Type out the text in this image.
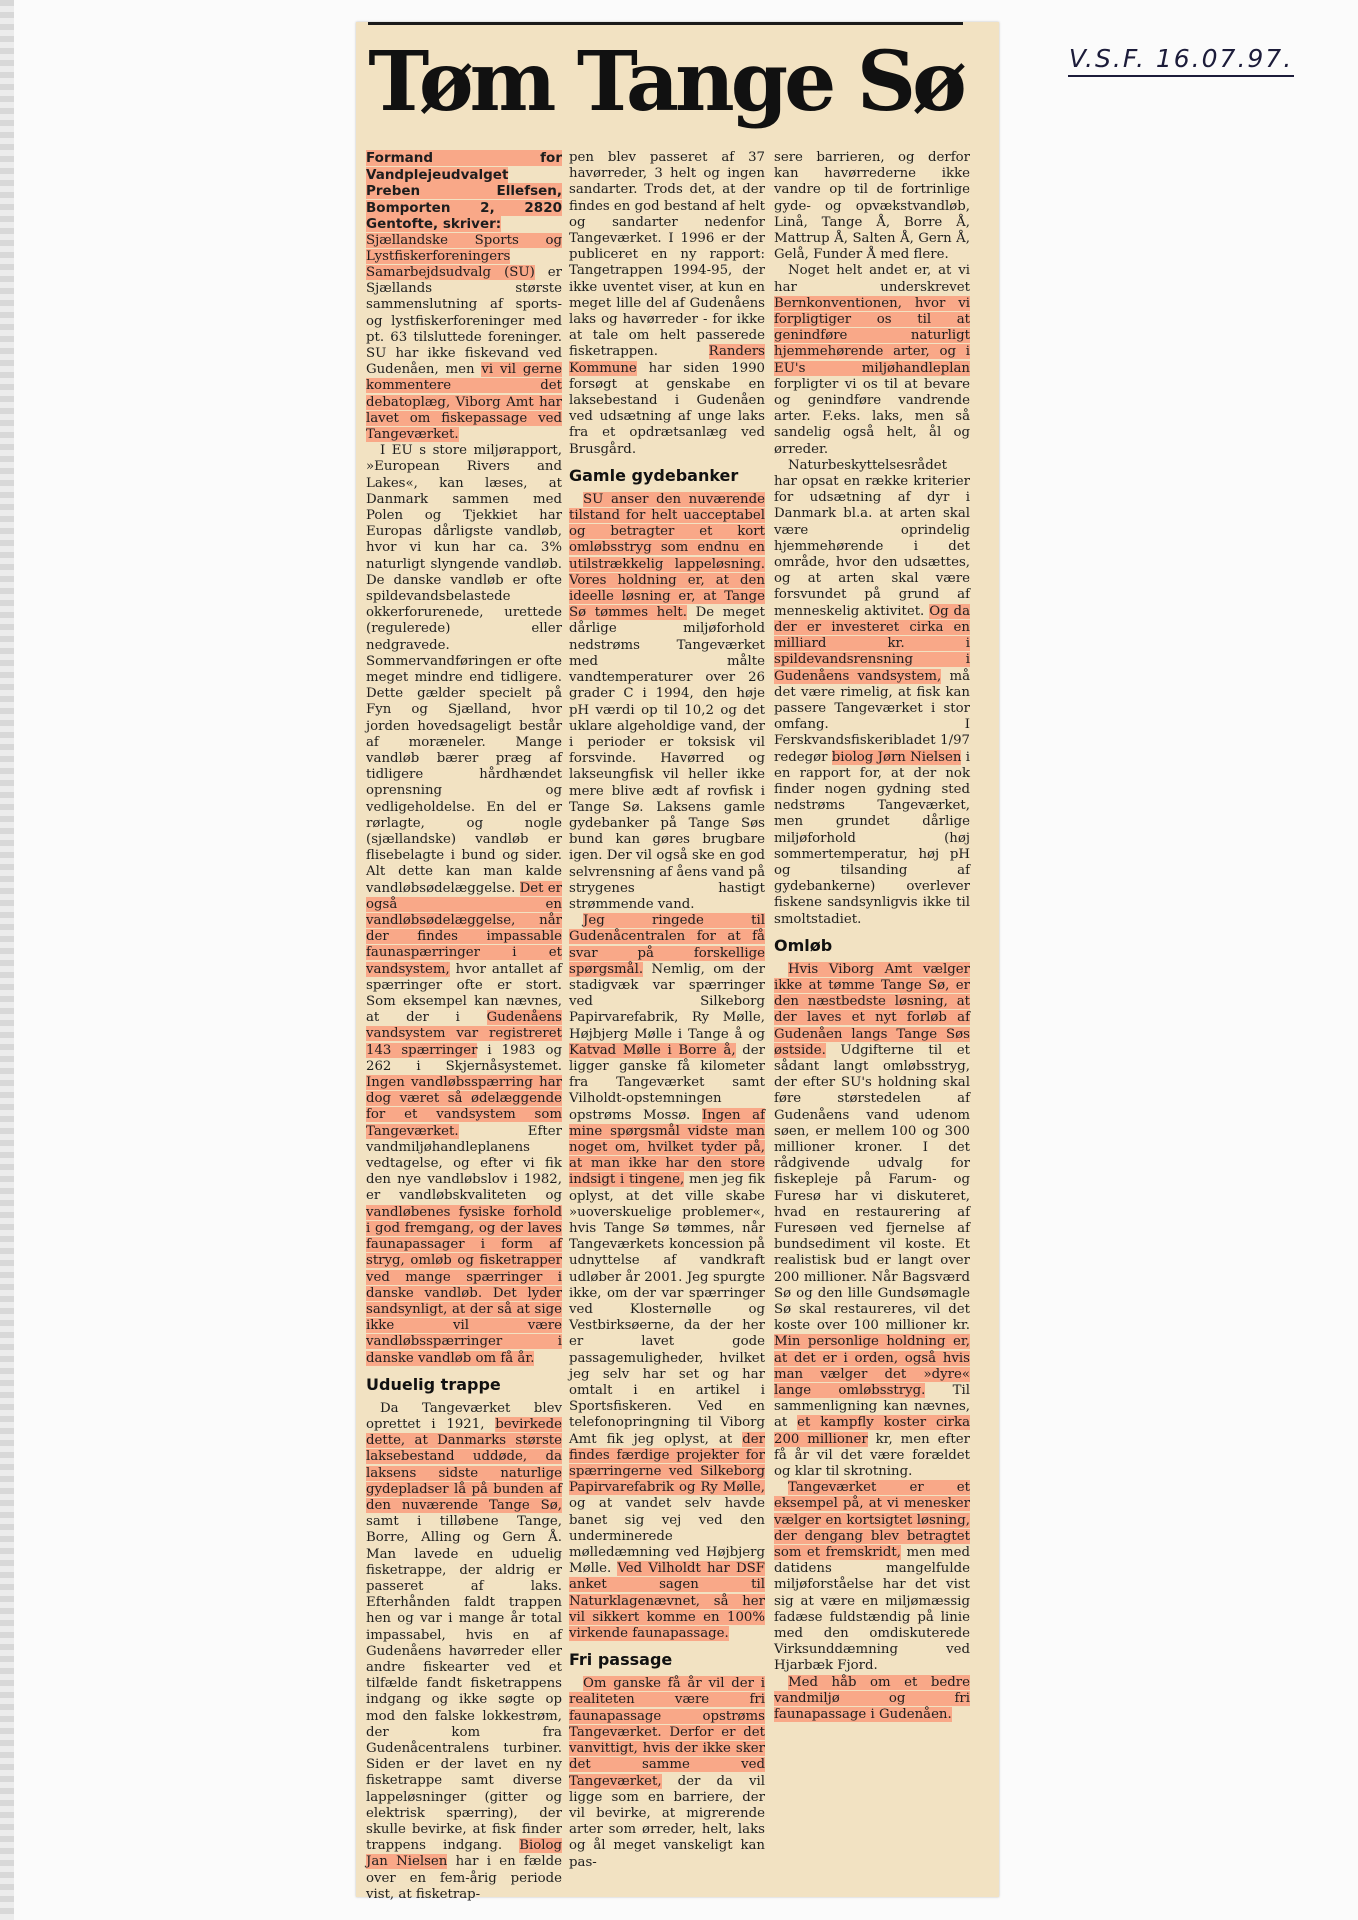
V.S.F. 16.07.97.
Tøm Tange Sø

Formand for Vandplejeudvalget Preben Ellefsen, Bomporten 2, 2820 Gentofte, skriver:

Sjællandske Sports og Lystfiskerforeningers Samarbejdsudvalg (SU) er Sjællands største sammenslutning af sports- og lystfiskerforeninger med pt. 63 tilsluttede foreninger. SU har ikke fiskevand ved Gudenåen, men vi vil gerne kommentere det debatoplæg, Viborg Amt har lavet om fiskepassage ved Tangeværket.

I EU s store miljørapport, »European Rivers and Lakes«, kan læses, at Danmark sammen med Polen og Tjekkiet har Europas dårligste vandløb, hvor vi kun har ca. 3% naturligt slyngende vandløb. De danske vandløb er ofte spildevandsbelastede okkerforurenede, urettede (regulerede) eller nedgravede. Sommervandføringen er ofte meget mindre end tidligere. Dette gælder specielt på Fyn og Sjælland, hvor jorden hovedsageligt består af moræneler. Mange vandløb bærer præg af tidligere hårdhændet oprensning og vedligeholdelse. En del er rørlagte, og nogle (sjællandske) vandløb er flisebelagte i bund og sider. Alt dette kan man kalde vandløbsødelæggelse. Det er også en vandløbsødelæggelse, når der findes impassable faunaspærringer i et vandsystem, hvor antallet af spærringer ofte er stort. Som eksempel kan nævnes, at der i Gudenåens vandsystem var registreret 143 spærringer i 1983 og 262 i Skjernåsystemet. Ingen vandløbsspærring har dog været så ødelæggende for et vandsystem som Tangeværket. Efter vandmiljøhandleplanens vedtagelse, og efter vi fik den nye vandløbslov i 1982, er vandløbskvaliteten og vandløbenes fysiske forhold i god fremgang, og der laves faunapassager i form af stryg, omløb og fisketrapper ved mange spærringer i danske vandløb. Det lyder sandsynligt, at der så at sige ikke vil være vandløbsspærringer i danske vandløb om få år.

Uduelig trappe

Da Tangeværket blev oprettet i 1921, bevirkede dette, at Danmarks største laksebestand uddøde, da laksens sidste naturlige gydepladser lå på bunden af den nuværende Tange Sø, samt i tilløbene Tange, Borre, Alling og Gern Å. Man lavede en uduelig fisketrappe, der aldrig er passeret af laks. Efterhånden faldt trappen hen og var i mange år total impassabel, hvis en af Gudenåens havørreder eller andre fiskearter ved et tilfælde fandt fisketrappens indgang og ikke søgte op mod den falske lokkestrøm, der kom fra Gudenåcentralens turbiner. Siden er der lavet en ny fisketrappe samt diverse lappeløsninger (gitter og elektrisk spærring), der skulle bevirke, at fisk finder trappens indgang. Biolog Jan Nielsen har i en fælde over en fem-årig periode vist, at fisketrap-

pen blev passeret af 37 havørreder, 3 helt og ingen sandarter. Trods det, at der findes en god bestand af helt og sandarter nedenfor Tangeværket. I 1996 er der publiceret en ny rapport: Tangetrappen 1994-95, der ikke uventet viser, at kun en meget lille del af Gudenåens laks og havørreder - for ikke at tale om helt passerede fisketrappen. Randers Kommune har siden 1990 forsøgt at genskabe en laksebestand i Gudenåen ved udsætning af unge laks fra et opdrætsanlæg ved Brusgård.

Gamle gydebanker

SU anser den nuværende tilstand for helt uacceptabel og betragter et kort omløbsstryg som endnu en utilstrækkelig lappeløsning. Vores holdning er, at den ideelle løsning er, at Tange Sø tømmes helt. De meget dårlige miljøforhold nedstrøms Tangeværket med målte vandtemperaturer over 26 grader C i 1994, den høje pH værdi op til 10,2 og det uklare algeholdige vand, der i perioder er toksisk vil forsvinde. Havørred og lakseungfisk vil heller ikke mere blive ædt af rovfisk i Tange Sø. Laksens gamle gydebanker på Tange Søs bund kan gøres brugbare igen. Der vil også ske en god selvrensning af åens vand på strygenes hastigt strømmende vand.

Jeg ringede til Gudenåcentralen for at få svar på forskellige spørgsmål. Nemlig, om der stadigvæk var spærringer ved Silkeborg Papirvarefabrik, Ry Mølle, Højbjerg Mølle i Tange å og Katvad Mølle i Borre å, der ligger ganske få kilometer fra Tangeværket samt Vilholdt-opstemningen opstrøms Mossø. Ingen af mine spørgsmål vidste man noget om, hvilket tyder på, at man ikke har den store indsigt i tingene, men jeg fik oplyst, at det ville skabe »uoverskuelige problemer«, hvis Tange Sø tømmes, når Tangeværkets koncession på udnyttelse af vandkraft udløber år 2001. Jeg spurgte ikke, om der var spærringer ved Klosternølle og Vestbirksøerne, da der her er lavet gode passagemuligheder, hvilket jeg selv har set og har omtalt i en artikel i Sportsfiskeren. Ved en telefonopringning til Viborg Amt fik jeg oplyst, at der findes færdige projekter for spærringerne ved Silkeborg Papirvarefabrik og Ry Mølle, og at vandet selv havde banet sig vej ved den underminerede mølledæmning ved Højbjerg Mølle. Ved Vilholdt har DSF anket sagen til Naturklagenævnet, så her vil sikkert komme en 100% virkende faunapassage.

Fri passage

Om ganske få år vil der i realiteten være fri faunapassage opstrøms Tangeværket. Derfor er det vanvittigt, hvis der ikke sker det samme ved Tangeværket, der da vil ligge som en barriere, der vil bevirke, at migrerende arter som ørreder, helt, laks og ål meget vanskeligt kan pas-

sere barrieren, og derfor kan havørrederne ikke vandre op til de fortrinlige gyde- og opvækstvandløb, Linå, Tange Å, Borre Å, Mattrup Å, Salten Å, Gern Å, Gelå, Funder Å med flere.

Noget helt andet er, at vi har underskrevet Bernkonventionen, hvor vi forpligtiger os til at genindføre naturligt hjemmehørende arter, og i EU's miljøhandleplan forpligter vi os til at bevare og genindføre vandrende arter. F.eks. laks, men så sandelig også helt, ål og ørreder.

Naturbeskyttelsesrådet har opsat en række kriterier for udsætning af dyr i Danmark bl.a. at arten skal være oprindelig hjemmehørende i det område, hvor den udsættes, og at arten skal være forsvundet på grund af menneskelig aktivitet. Og da der er investeret cirka en milliard kr. i spildevandsrensning i Gudenåens vandsystem, må det være rimelig, at fisk kan passere Tangeværket i stor omfang. I Ferskvandsfiskeribladet 1/97 redegør biolog Jørn Nielsen i en rapport for, at der nok finder nogen gydning sted nedstrøms Tangeværket, men grundet dårlige miljøforhold (høj sommertemperatur, høj pH og tilsanding af gydebankerne) overlever fiskene sandsynligvis ikke til smoltstadiet.

Omløb

Hvis Viborg Amt vælger ikke at tømme Tange Sø, er den næstbedste løsning, at der laves et nyt forløb af Gudenåen langs Tange Søs østside. Udgifterne til et sådant langt omløbsstryg, der efter SU's holdning skal føre størstedelen af Gudenåens vand udenom søen, er mellem 100 og 300 millioner kroner. I det rådgivende udvalg for fiskepleje på Farum- og Furesø har vi diskuteret, hvad en restaurering af Furesøen ved fjernelse af bundsediment vil koste. Et realistisk bud er langt over 200 millioner. Når Bagsværd Sø og den lille Gundsømagle Sø skal restaureres, vil det koste over 100 millioner kr. Min personlige holdning er, at det er i orden, også hvis man vælger det »dyre« lange omløbsstryg. Til sammenligning kan nævnes, at et kampfly koster cirka 200 millioner kr, men efter få år vil det være forældet og klar til skrotning.

Tangeværket er et eksempel på, at vi menesker vælger en kortsigtet løsning, der dengang blev betragtet som et fremskridt, men med datidens mangelfulde miljøforståelse har det vist sig at være en miljømæssig fadæse fuldstændig på linie med den omdiskuterede Virksunddæmning ved Hjarbæk Fjord.

Med håb om et bedre vandmiljø og fri faunapassage i Gudenåen.
